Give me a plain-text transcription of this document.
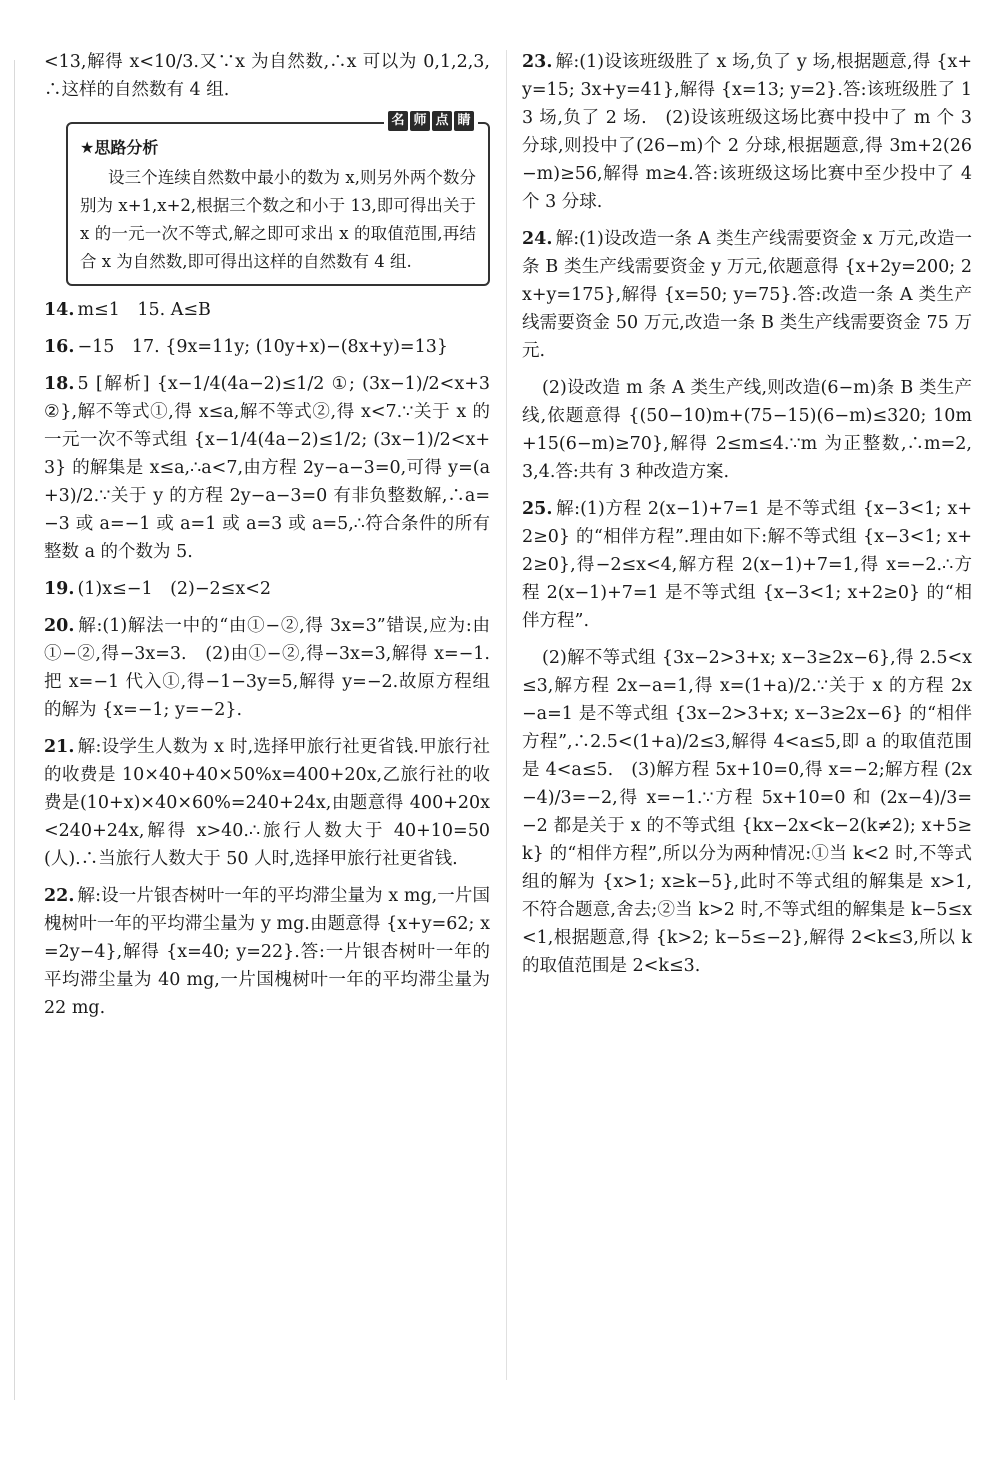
<13,解得 x<10/3.又∵x 为自然数,∴x 可以为 0,1,2,3,∴这样的自然数有 4 组.

名 师 点 睛
★思路分析
设三个连续自然数中最小的数为 x,则另外两个数分别为 x+1,x+2,根据三个数之和小于 13,即可得出关于 x 的一元一次不等式,解之即可求出 x 的取值范围,再结合 x 为自然数,即可得出这样的自然数有 4 组.

14. m≤1　15. A≤B

16. −15　17. {9x=11y; (10y+x)−(8x+y)=13}

18. 5 [解析] {x−1/4(4a−2)≤1/2 ①; (3x−1)/2<x+3 ②},解不等式①,得 x≤a,解不等式②,得 x<7.∵关于 x 的一元一次不等式组 {x−1/4(4a−2)≤1/2; (3x−1)/2<x+3} 的解集是 x≤a,∴a<7,由方程 2y−a−3=0,可得 y=(a+3)/2.∵关于 y 的方程 2y−a−3=0 有非负整数解,∴a=−3 或 a=−1 或 a=1 或 a=3 或 a=5,∴符合条件的所有整数 a 的个数为 5.

19. (1)x≤−1　(2)−2≤x<2

20. 解:(1)解法一中的“由①−②,得 3x=3”错误,应为:由①−②,得−3x=3.　(2)由①−②,得−3x=3,解得 x=−1.把 x=−1 代入①,得−1−3y=5,解得 y=−2.故原方程组的解为 {x=−1; y=−2}.

21. 解:设学生人数为 x 时,选择甲旅行社更省钱.甲旅行社的收费是 10×40+40×50%x=400+20x,乙旅行社的收费是(10+x)×40×60%=240+24x,由题意得 400+20x<240+24x,解得 x>40.∴旅行人数大于 40+10=50(人).∴当旅行人数大于 50 人时,选择甲旅行社更省钱.

22. 解:设一片银杏树叶一年的平均滞尘量为 x mg,一片国槐树叶一年的平均滞尘量为 y mg.由题意得 {x+y=62; x=2y−4},解得 {x=40; y=22}.答:一片银杏树叶一年的平均滞尘量为 40 mg,一片国槐树叶一年的平均滞尘量为 22 mg.

23. 解:(1)设该班级胜了 x 场,负了 y 场,根据题意,得 {x+y=15; 3x+y=41},解得 {x=13; y=2}.答:该班级胜了 13 场,负了 2 场.　(2)设该班级这场比赛中投中了 m 个 3 分球,则投中了(26−m)个 2 分球,根据题意,得 3m+2(26−m)≥56,解得 m≥4.答:该班级这场比赛中至少投中了 4 个 3 分球.

24. 解:(1)设改造一条 A 类生产线需要资金 x 万元,改造一条 B 类生产线需要资金 y 万元,依题意得 {x+2y=200; 2x+y=175},解得 {x=50; y=75}.答:改造一条 A 类生产线需要资金 50 万元,改造一条 B 类生产线需要资金 75 万元.

(2)设改造 m 条 A 类生产线,则改造(6−m)条 B 类生产线,依题意得 {(50−10)m+(75−15)(6−m)≤320; 10m+15(6−m)≥70},解得 2≤m≤4.∵m 为正整数,∴m=2,3,4.答:共有 3 种改造方案.

25. 解:(1)方程 2(x−1)+7=1 是不等式组 {x−3<1; x+2≥0} 的“相伴方程”.理由如下:解不等式组 {x−3<1; x+2≥0},得−2≤x<4,解方程 2(x−1)+7=1,得 x=−2.∴方程 2(x−1)+7=1 是不等式组 {x−3<1; x+2≥0} 的“相伴方程”.

(2)解不等式组 {3x−2>3+x; x−3≥2x−6},得 2.5<x≤3,解方程 2x−a=1,得 x=(1+a)/2.∵关于 x 的方程 2x−a=1 是不等式组 {3x−2>3+x; x−3≥2x−6} 的“相伴方程”,∴2.5<(1+a)/2≤3,解得 4<a≤5,即 a 的取值范围是 4<a≤5.　(3)解方程 5x+10=0,得 x=−2;解方程 (2x−4)/3=−2,得 x=−1.∵方程 5x+10=0 和 (2x−4)/3=−2 都是关于 x 的不等式组 {kx−2x<k−2(k≠2); x+5≥k} 的“相伴方程”,所以分为两种情况:①当 k<2 时,不等式组的解为 {x>1; x≥k−5},此时不等式组的解集是 x>1,不符合题意,舍去;②当 k>2 时,不等式组的解集是 k−5≤x<1,根据题意,得 {k>2; k−5≤−2},解得 2<k≤3,所以 k 的取值范围是 2<k≤3.
